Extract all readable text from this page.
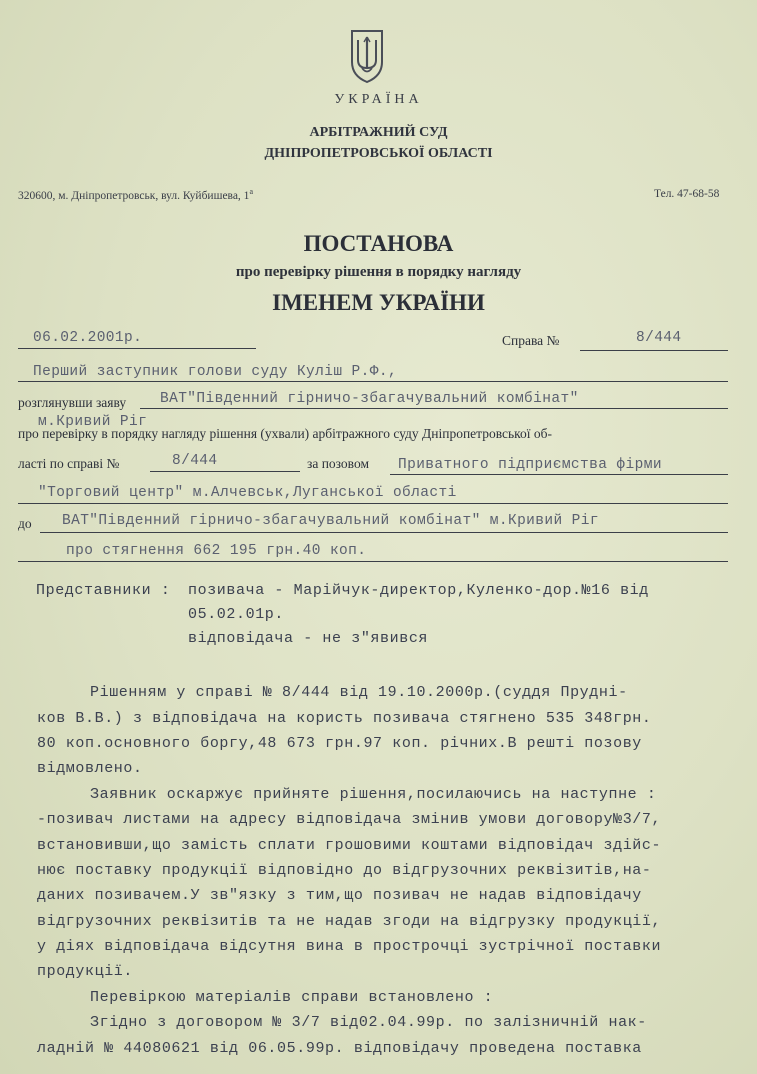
УКРАЇНА
АРБІТРАЖНИЙ СУД
ДНІПРОПЕТРОВСЬКОЇ ОБЛАСТІ
320600, м. Дніпропетровськ, вул. Куйбишева, $1^а$	Тел. 47-68-58
ПОСТАНОВА
про перевірку рішення в порядку нагляду
ІМЕНЕМ УКРАЇНИ
06.02.2001р.	Справа №	8/444
Перший заступник голови суду Кулiш Р.Ф.,
розглянувши заяву ВАТ"Південний гірничо-збагачувальний комбінат"
м.Кривий Ріг
про перевірку в порядку нагляду рішення (ухвали) арбітражного суду Дніпропетровської об-
ласті по справі №	8/444	за позовом Приватного підприємства фірми
"Торговий центр" м.Алчевськ,Луганської області
до ВАТ"Південний гірничо-збагачувальний комбінат" м.Кривий Ріг
про стягнення 662 195 грн.40 коп.
Представники : позивача - Марійчук-директор,Куленко-дор.№16 від
05.02.01р.
відповідача - не з"явився
Рішенням у справі № 8/444 від 19.10.2000р.(суддя Пруднi-
ков В.В.) з відповідача на користь позивача стягнено 535 348грн.
80 коп.основного боргу,48 673 грн.97 коп. річних.В решті позову
відмовлено.
Заявник оскаржує прийняте рішення,посилаючись на наступне :
-позивач листами на адресу відповідача змінив умови договору№3/7,
встановивши,що замість сплати грошовими коштами відповідач здійс-
нює поставку продукції відповідно до відгрузочних реквізитів,на-
даних позивачем.У зв"язку з тим,що позивач не надав відповідачу
відгрузочних реквізитів та не надав згоди на відгрузку продукції,
у діях відповідача відсутня вина в прострочці зустрічної поставки
продукції.
Перевіркою матеріалів справи встановлено :
Згідно з договором № 3/7 від02.04.99р. по залізничній нак-
ладній № 44080621 від 06.05.99р. відповідачу проведена поставка
